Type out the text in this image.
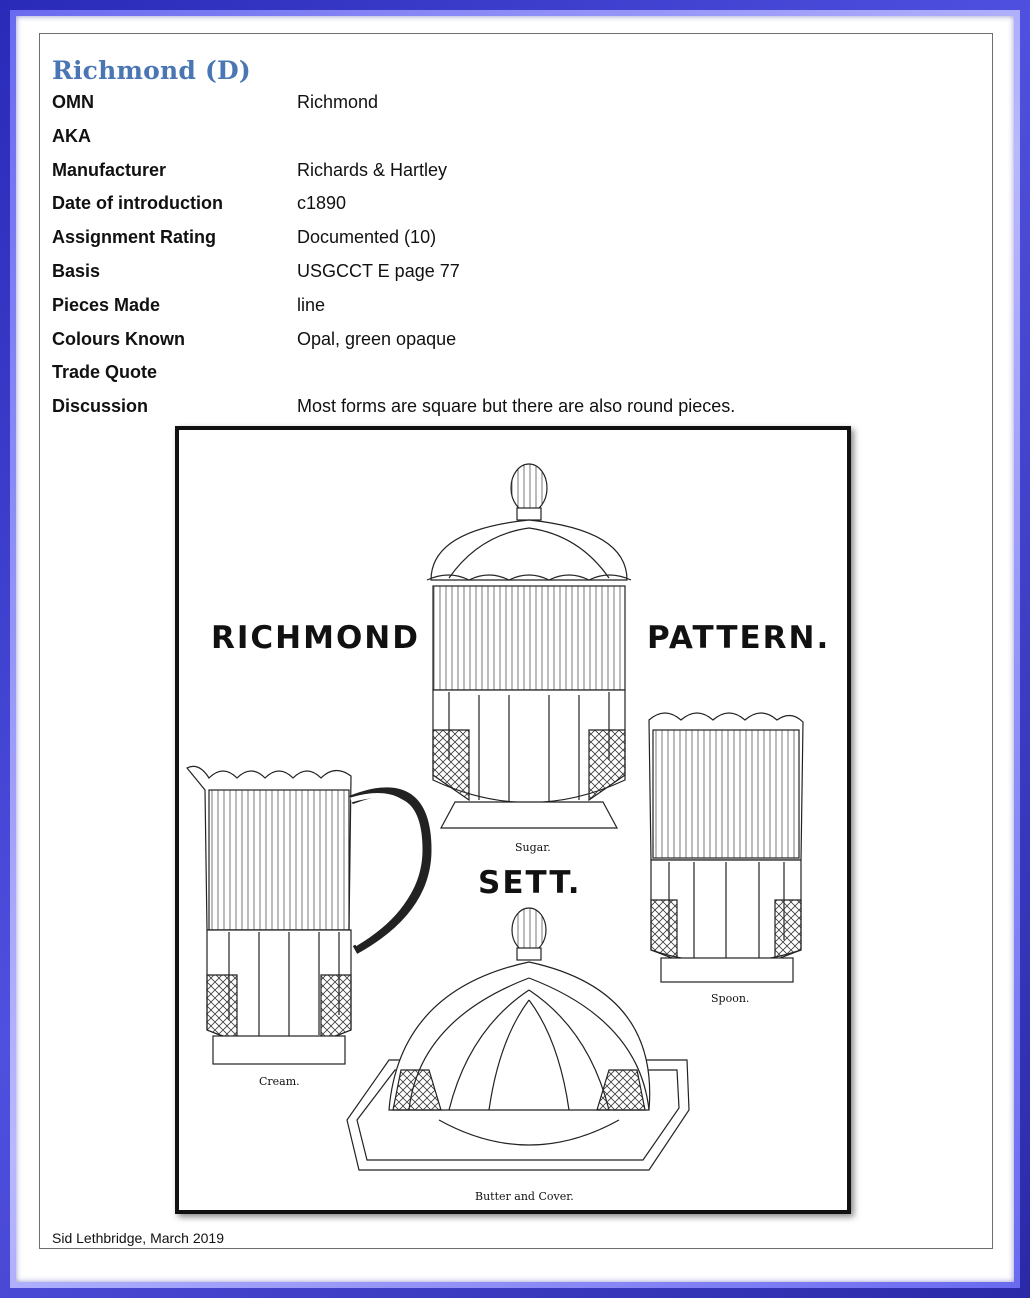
Richmond (D)
OMN	Richmond
AKA
Manufacturer	Richards & Hartley
Date of introduction	c1890
Assignment Rating	Documented (10)
Basis	USGCCT E page 77
Pieces Made	line
Colours Known	Opal, green opaque
Trade Quote
Discussion	Most forms are square but there are also round pieces.
RICHMOND	PATTERN.
SETT.
Sugar.
Spoon.
Cream.
Butter and Cover.
Sid Lethbridge, March 2019
